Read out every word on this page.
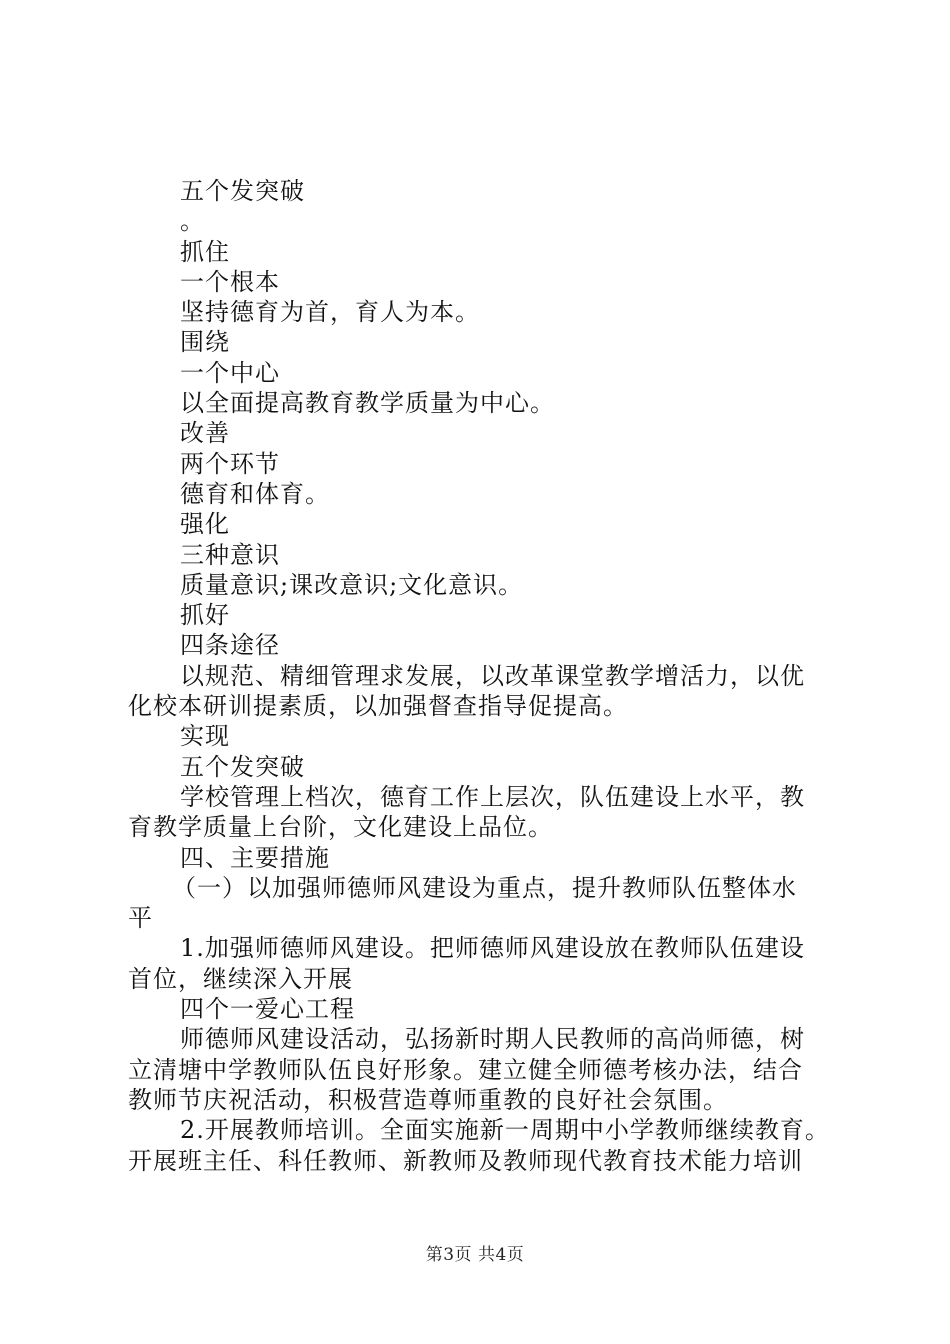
五个发突破
。
抓住
一个根本
坚持德育为首，育人为本。
围绕
一个中心
以全面提高教育教学质量为中心。
改善
两个环节
德育和体育。
强化
三种意识
质量意识;课改意识;文化意识。
抓好
四条途径
以规范、精细管理求发展，以改革课堂教学增活力，以优
化校本研训提素质，以加强督查指导促提高。
实现
五个发突破
学校管理上档次，德育工作上层次，队伍建设上水平，教
育教学质量上台阶，文化建设上品位。
四、主要措施
（一）以加强师德师风建设为重点，提升教师队伍整体水
平
1.加强师德师风建设。把师德师风建设放在教师队伍建设
首位，继续深入开展
四个一爱心工程
师德师风建设活动，弘扬新时期人民教师的高尚师德，树
立清塘中学教师队伍良好形象。建立健全师德考核办法，结合
教师节庆祝活动，积极营造尊师重教的良好社会氛围。
2.开展教师培训。全面实施新一周期中小学教师继续教育。
开展班主任、科任教师、新教师及教师现代教育技术能力培训
第3页 共4页
